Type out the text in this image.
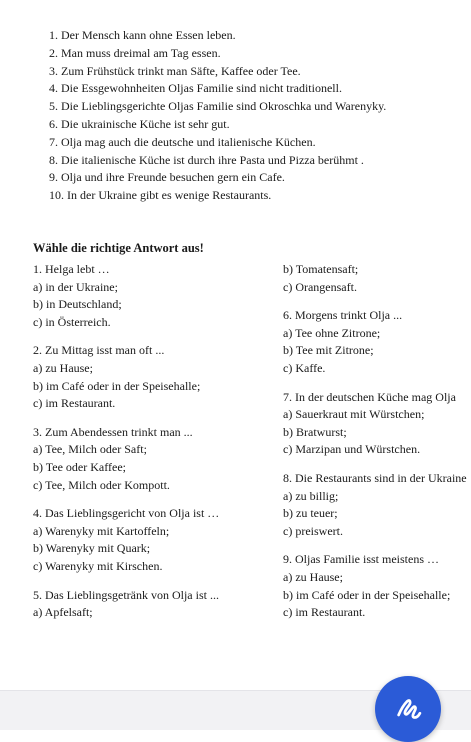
1. Der Mensch kann ohne Essen leben.
2. Man muss dreimal am Tag essen.
3. Zum Frühstück trinkt man Säfte, Kaffee oder Tee.
4. Die Essgewohnheiten Oljas Familie sind nicht traditionell.
5. Die Lieblingsgerichte Oljas Familie sind Okroschka und Warenyky.
6. Die ukrainische Küche ist sehr gut.
7. Olja mag auch die deutsche und italienische Küchen.
8. Die italienische Küche ist durch ihre Pasta und Pizza berühmt .
9. Olja und ihre Freunde besuchen gern ein Cafe.
10. In der Ukraine gibt es wenige Restaurants.
Wähle die richtige Antwort aus!
1. Helga lebt …
a) in der Ukraine;
b) in Deutschland;
c) in Österreich.
2. Zu Mittag isst man oft ...
a) zu Hause;
b) im Café oder in der Speisehalle;
c) im Restaurant.
3. Zum Abendessen trinkt man ...
a) Tee, Milch oder Saft;
b) Tee oder Kaffee;
c) Tee, Milch oder Kompott.
4. Das Lieblingsgericht von Olja ist …
a) Warenyky mit Kartoffeln;
b) Warenyky mit Quark;
c) Warenyky mit Kirschen.
5. Das Lieblingsgetränk von Olja ist ...
a) Apfelsaft;
b) Tomatensaft;
c) Orangensaft.
6. Morgens trinkt Olja ...
a) Tee ohne Zitrone;
b) Tee mit Zitrone;
c) Kaffe.
7. In der deutschen Küche mag Olja
a) Sauerkraut mit Würstchen;
b) Bratwurst;
c) Marzipan und Würstchen.
8. Die Restaurants sind in der Ukraine
a) zu billig;
b) zu teuer;
c) preiswert.
9. Oljas Familie isst meistens …
a) zu Hause;
b) im Café oder in der Speisehalle;
c) im Restaurant.
